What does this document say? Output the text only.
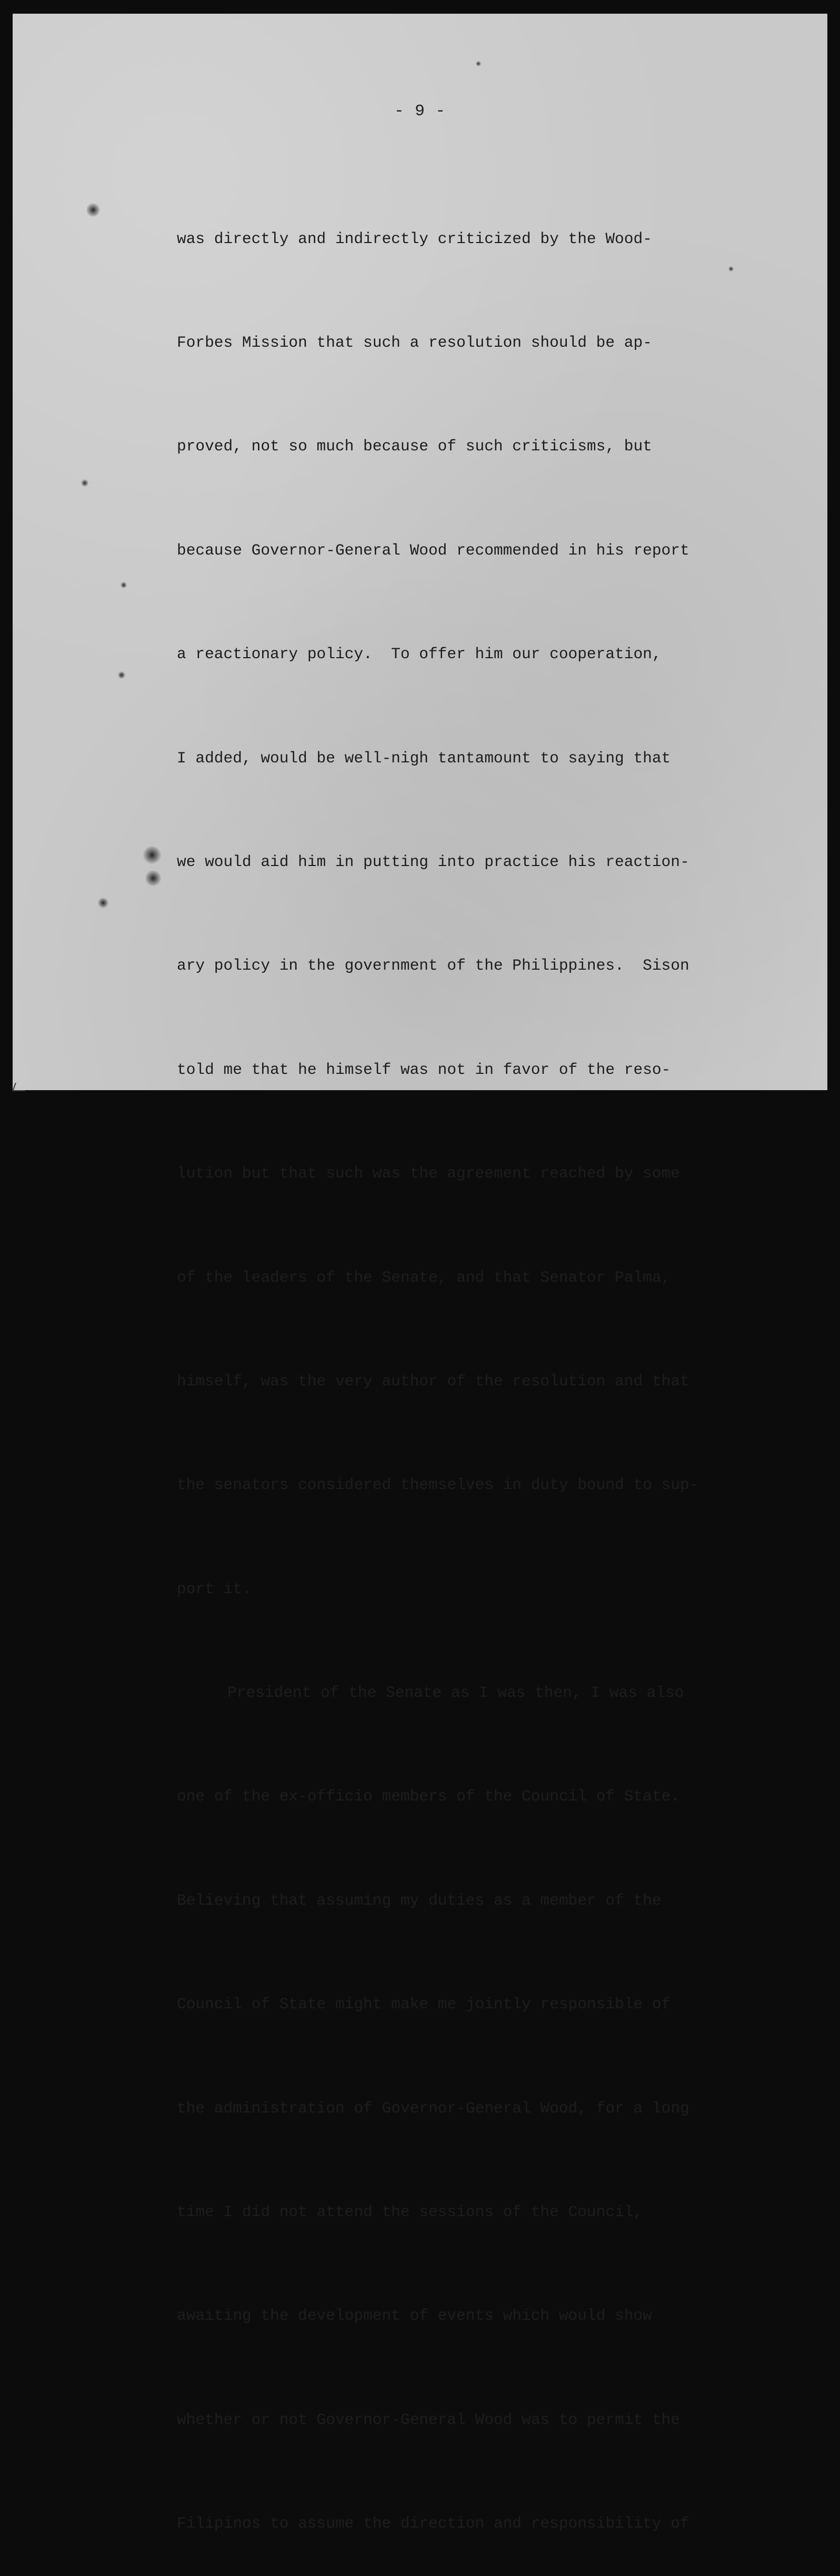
- 9 -

was directly and indirectly criticized by the Wood-

Forbes Mission that such a resolution should be ap-

proved, not so much because of such criticisms, but

because Governor-General Wood recommended in his report

a reactionary policy.  To offer him our cooperation,

I added, would be well-nigh tantamount to saying that

we would aid him in putting into practice his reaction-

ary policy in the government of the Philippines.  Sison

told me that he himself was not in favor of the reso-

lution but that such was the agreement reached by some

of the leaders of the Senate, and that Senator Palma,

himself, was the very author of the resolution and that

the senators considered themselves in duty bound to sup-

port it.

President of the Senate as I was then, I was also

one of the ex-officio members of the Council of State.

Believing that assuming my duties as a member of the

Council of State might make me jointly responsible of

the administration of Governor-General Wood, for a long

time I did not attend the sessions of the Council,

awaiting the development of events which would show

whether or not Governor-General Wood was to permit the

Filipinos to assume the direction and responsibility of
